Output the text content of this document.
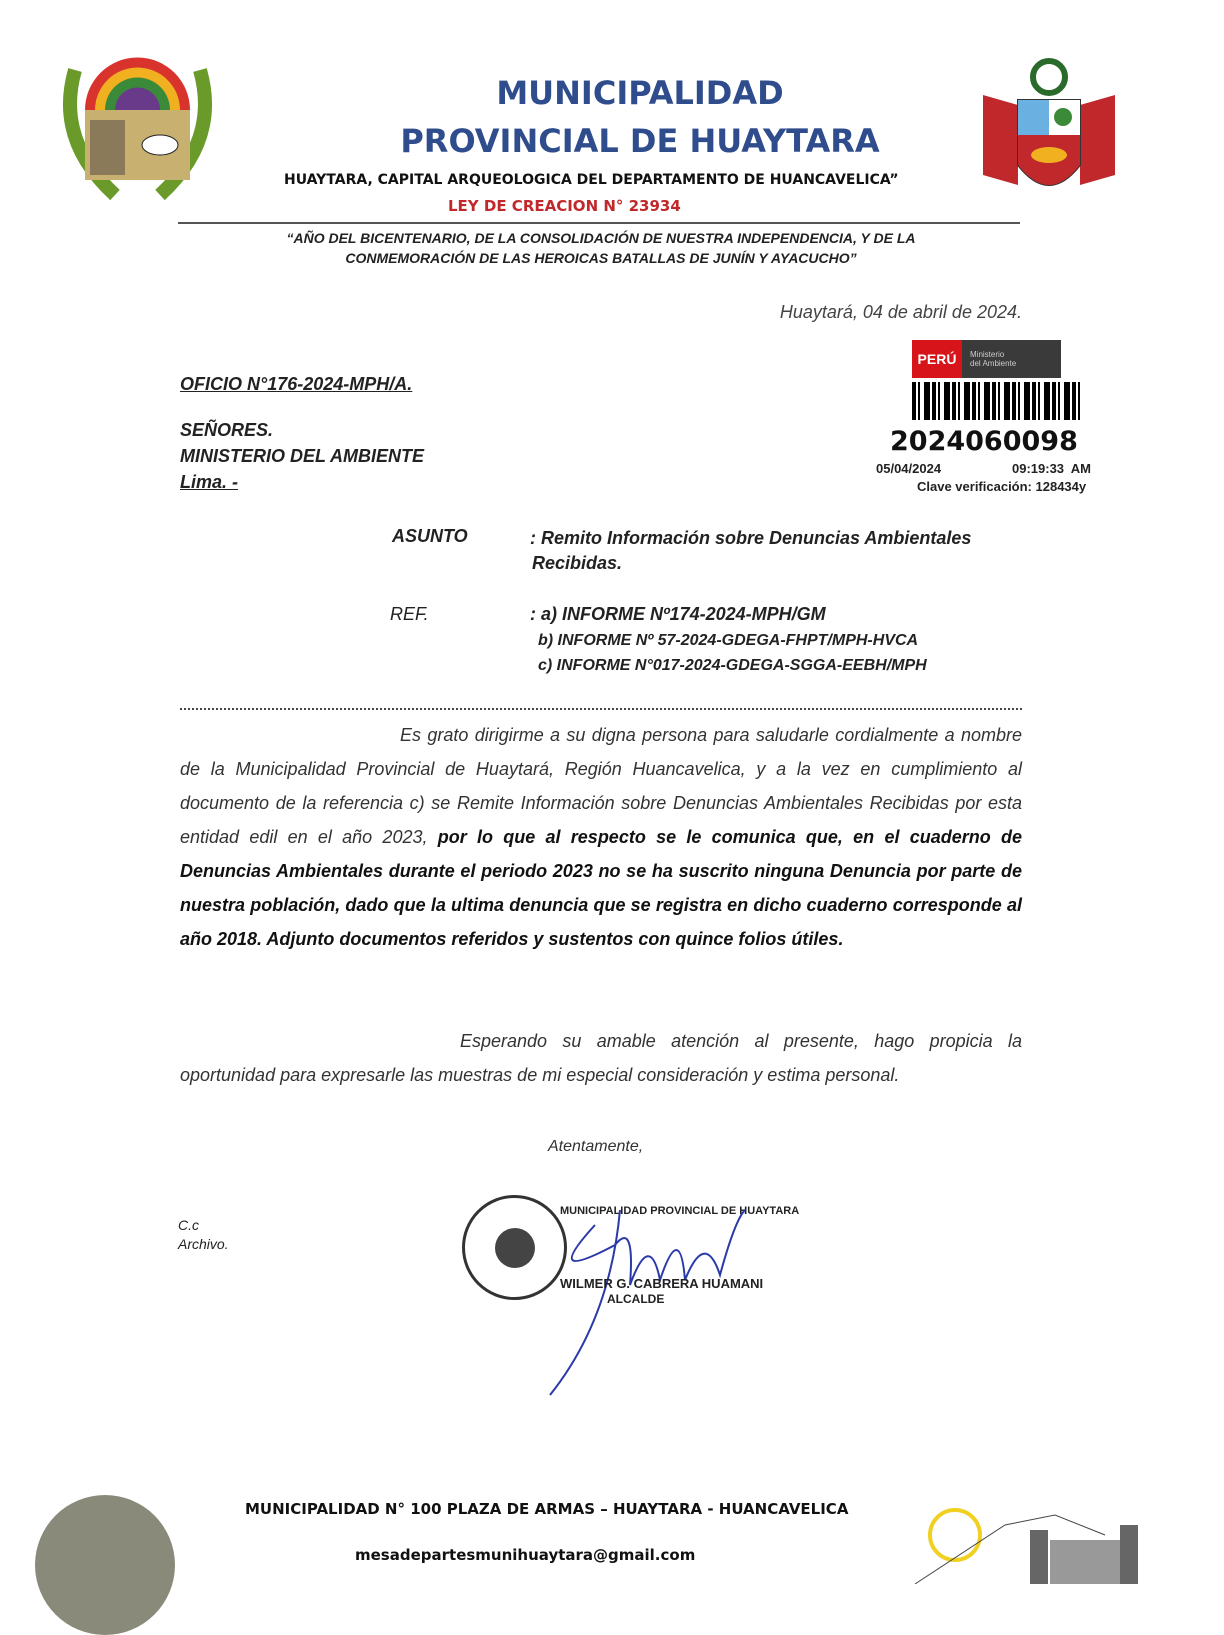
MUNICIPALIDAD
PROVINCIAL DE HUAYTARA
HUAYTARA, CAPITAL ARQUEOLOGICA DEL DEPARTAMENTO DE HUANCAVELICA”
LEY DE CREACION N° 23934
“AÑO DEL BICENTENARIO, DE LA CONSOLIDACIÓN DE NUESTRA INDEPENDENCIA, Y DE LA
CONMEMORACIÓN DE LAS HEROICAS BATALLAS DE JUNÍN Y AYACUCHO”
Huaytará, 04 de abril de 2024.
PERÚ	Ministerio
del Ambiente
2024060098
05/04/2024	09:19:33  AM
Clave verificación: 128434y
OFICIO N°176-2024-MPH/A.
SEÑORES.
MINISTERIO DEL AMBIENTE
Lima. -
ASUNTO	: Remito Información sobre Denuncias Ambientales
Recibidas.
REF.	: a) INFORME Nº174-2024-MPH/GM
b) INFORME Nº 57-2024-GDEGA-FHPT/MPH-HVCA
c) INFORME N°017-2024-GDEGA-SGGA-EEBH/MPH
Es grato dirigirme a su digna persona para saludarle cordialmente a nombre de la Municipalidad Provincial de Huaytará, Región Huancavelica, y a la vez en cumplimiento al documento de la referencia c) se Remite Información sobre Denuncias Ambientales Recibidas por esta entidad edil en el año 2023, por lo que al respecto se le comunica que, en el cuaderno de Denuncias Ambientales durante el periodo 2023 no se ha suscrito ninguna Denuncia por parte de nuestra población, dado que la ultima denuncia que se registra en dicho cuaderno corresponde al año 2018. Adjunto documentos referidos y sustentos con quince folios útiles.
Esperando su amable atención al presente, hago propicia la oportunidad para expresarle las muestras de mi especial consideración y estima personal.
Atentamente,
C.c
Archivo.
MUNICIPALIDAD PROVINCIAL DE HUAYTARA
WILMER G. CABRERA HUAMANI
ALCALDE
MUNICIPALIDAD N° 100 PLAZA DE ARMAS – HUAYTARA - HUANCAVELICA
mesadepartesmunihuaytara@gmail.com
